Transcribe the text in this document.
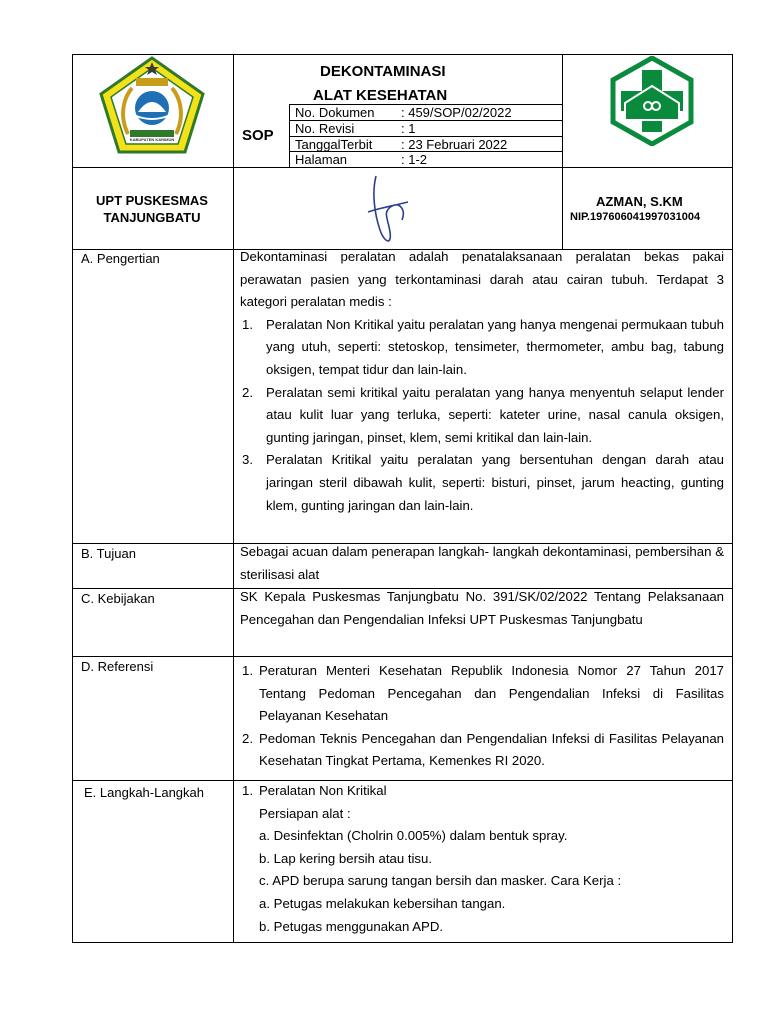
KABUPATEN KARIMUN
DEKONTAMINASI
ALAT KESEHATAN
SOP
No. Dokumen : 459/SOP/02/2022
No. Revisi	: 1
TanggalTerbit : 23 Februari 2022
Halaman	: 1-2
UPT PUSKESMAS
TANJUNGBATU
AZMAN, S.KM
NIP.197606041997031004
A. Pengertian	Dekontaminasi peralatan adalah penatalaksanaan peralatan bekas pakai perawatan pasien yang terkontaminasi darah atau cairan tubuh. Terdapat 3 kategori peralatan medis :

1. Peralatan Non Kritikal yaitu peralatan yang hanya mengenai permukaan tubuh yang utuh, seperti: stetoskop, tensimeter, thermometer, ambu bag, tabung oksigen, tempat tidur dan lain-lain.
2. Peralatan semi kritikal yaitu peralatan yang hanya menyentuh selaput lender atau kulit luar yang terluka, seperti: kateter urine, nasal canula oksigen, gunting jaringan, pinset, klem, semi kritikal dan lain-lain.
3. Peralatan Kritikal yaitu peralatan yang bersentuhan dengan darah atau jaringan steril dibawah kulit, seperti: bisturi, pinset, jarum heacting, gunting klem, gunting jaringan dan lain-lain.
B. Tujuan	Sebagai acuan dalam penerapan langkah- langkah dekontaminasi, pembersihan & sterilisasi alat
C. Kebijakan	SK Kepala Puskesmas Tanjungbatu No. 391/SK/02/2022 Tentang Pelaksanaan Pencegahan dan Pengendalian Infeksi UPT Puskesmas Tanjungbatu
D. Referensi	1. Peraturan Menteri Kesehatan Republik Indonesia Nomor 27 Tahun 2017 Tentang Pedoman Pencegahan dan Pengendalian Infeksi di Fasilitas Pelayanan Kesehatan
2. Pedoman Teknis Pencegahan dan Pengendalian Infeksi di Fasilitas Pelayanan Kesehatan Tingkat Pertama, Kemenkes RI 2020.
E. Langkah-Langkah	1. Peralatan Non Kritikal
Persiapan alat :
a. Desinfektan (Cholrin 0.005%) dalam bentuk spray.
b. Lap kering bersih atau tisu.
c. APD berupa sarung tangan bersih dan masker. Cara Kerja :
a. Petugas melakukan kebersihan tangan.
b. Petugas menggunakan APD.
